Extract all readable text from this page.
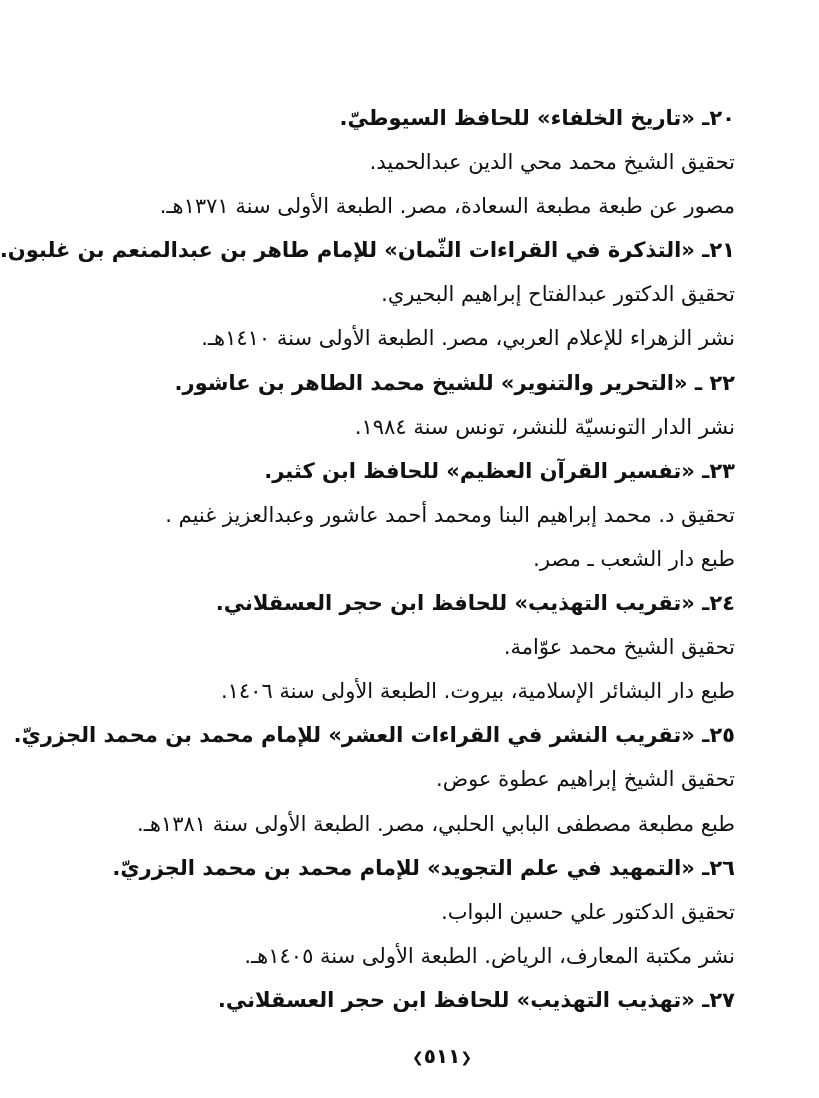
٢٠ـ «تاريخ الخلفاء» للحافظ السيوطيّ.
تحقيق الشيخ محمد محي الدين عبدالحميد.
مصور عن طبعة مطبعة السعادة، مصر. الطبعة الأولى سنة ١٣٧١هـ.
٢١ـ «التذكرة في القراءات الثّمان» للإمام طاهر بن عبدالمنعم بن غلبون.
تحقيق الدكتور عبدالفتاح إبراهيم البحيري.
نشر الزهراء للإعلام العربي، مصر. الطبعة الأولى سنة ١٤١٠هـ.
٢٢ ـ «التحرير والتنوير» للشيخ محمد الطاهر بن عاشور.
نشر الدار التونسيّة للنشر، تونس سنة ١٩٨٤.
٢٣ـ «تفسير القرآن العظيم» للحافظ ابن كثير.
تحقيق د. محمد إبراهيم البنا ومحمد أحمد عاشور وعبدالعزيز غنيم .
طبع دار الشعب ـ مصر.
٢٤ـ «تقريب التهذيب» للحافظ ابن حجر العسقلاني.
تحقيق الشيخ محمد عوّامة.
طبع دار البشائر الإسلامية، بيروت. الطبعة الأولى سنة ١٤٠٦.
٢٥ـ «تقريب النشر في القراءات العشر» للإمام محمد بن محمد الجزريّ.
تحقيق الشيخ إبراهيم عطوة عوض.
طبع مطبعة مصطفى البابي الحلبي، مصر. الطبعة الأولى سنة ١٣٨١هـ.
٢٦ـ «التمهيد في علم التجويد» للإمام محمد بن محمد الجزريّ.
تحقيق الدكتور علي حسين البواب.
نشر مكتبة المعارف، الرياض. الطبعة الأولى سنة ١٤٠٥هـ.
٢٧ـ «تهذيب التهذيب» للحافظ ابن حجر العسقلاني.
❮٥١١❯
